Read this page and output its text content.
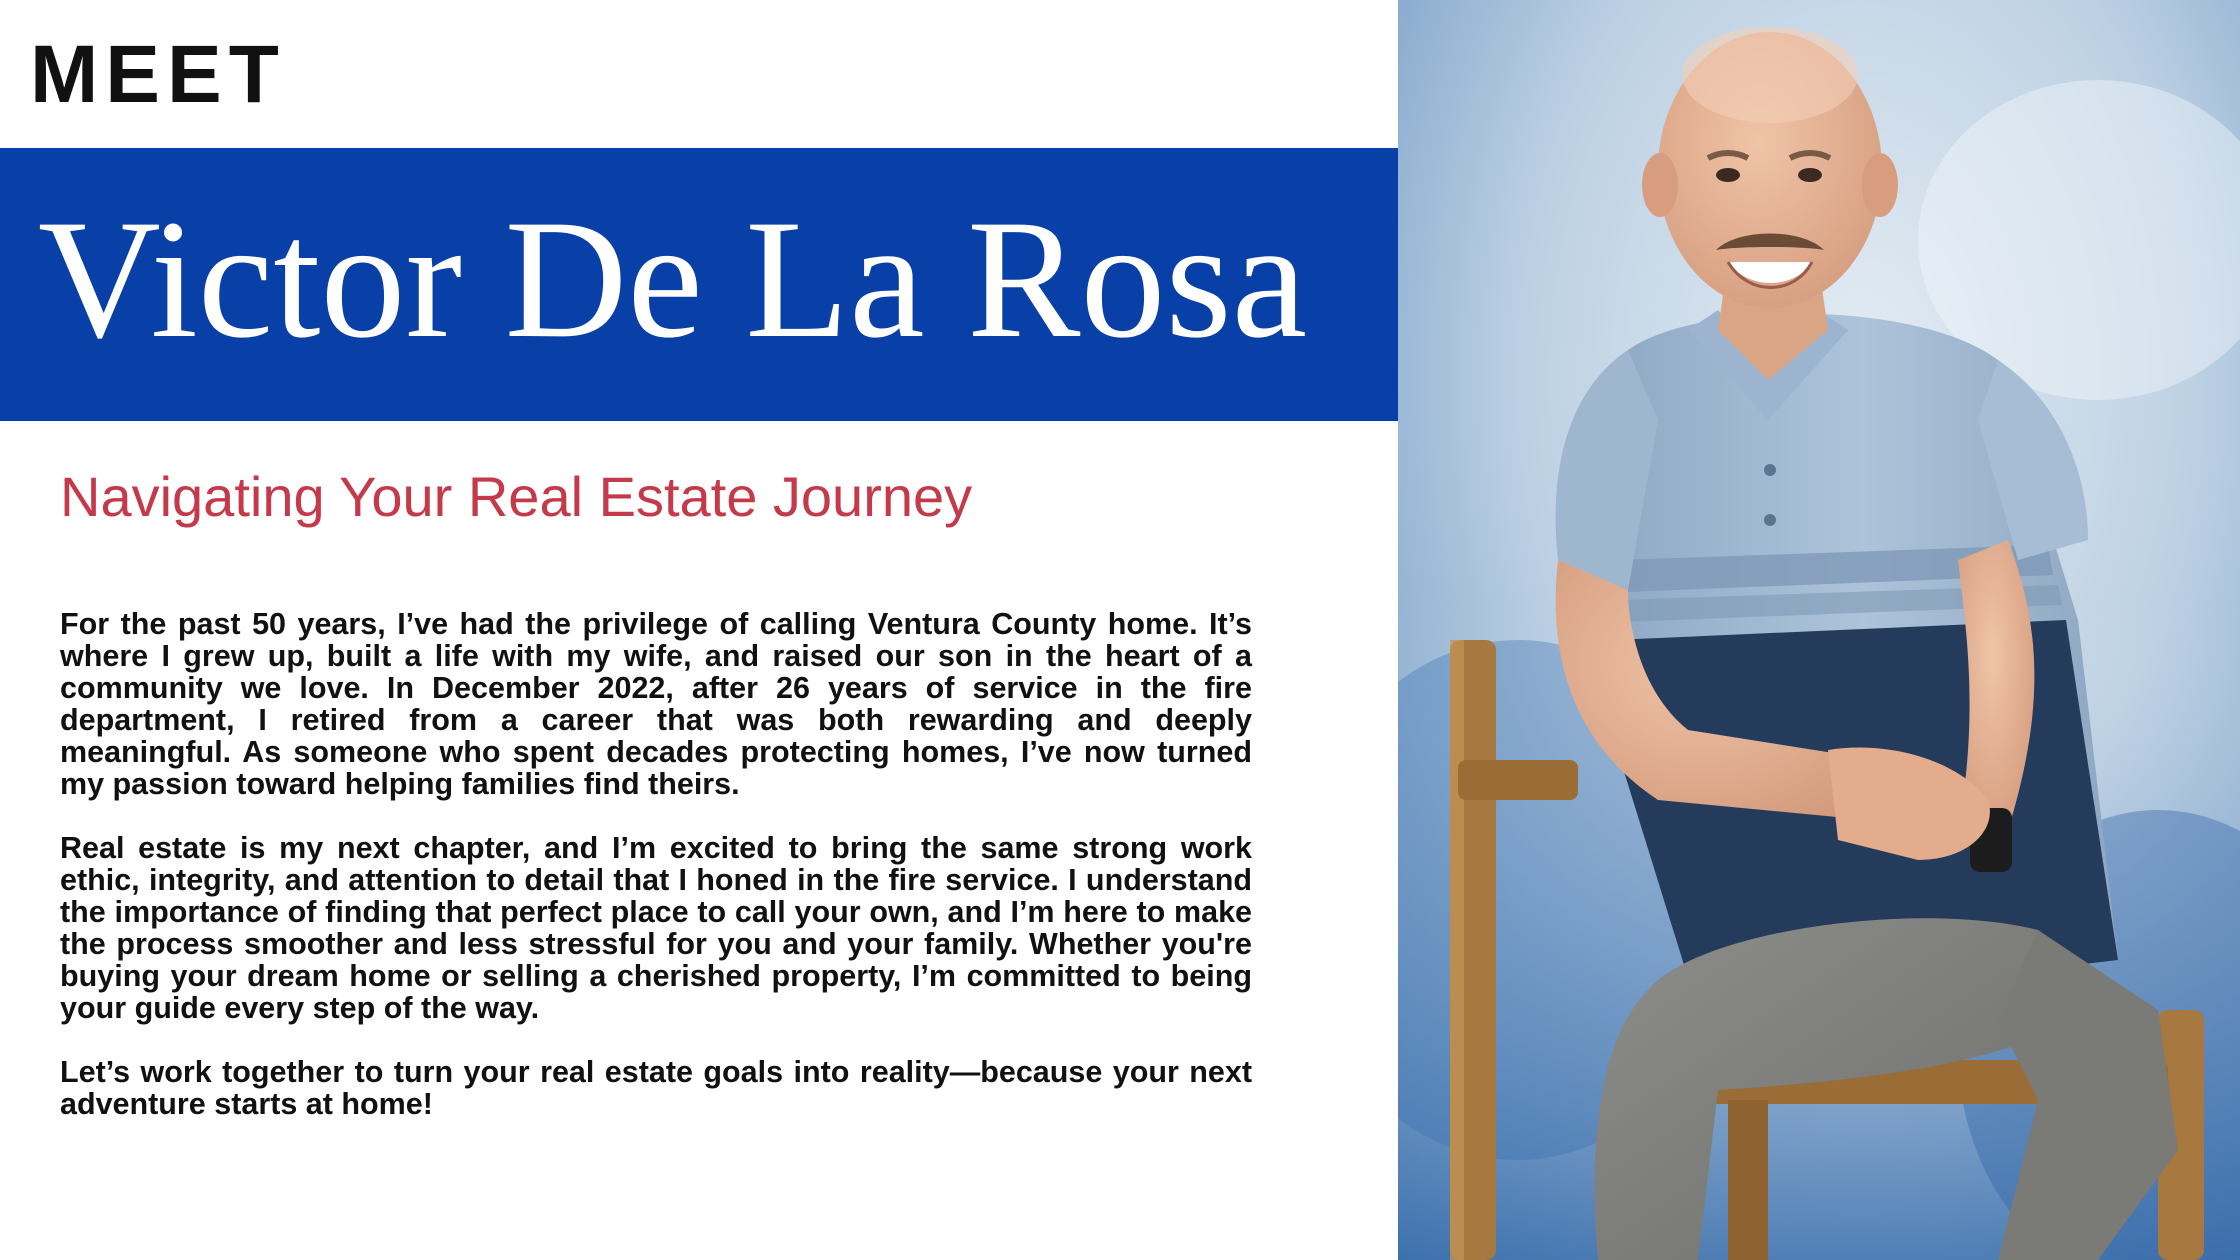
MEET
Victor De La Rosa
Navigating Your Real Estate Journey

For the past 50 years, I’ve had the privilege of calling Ventura County home. It’s where I grew up, built a life with my wife, and raised our son in the heart of a community we love. In December 2022, after 26 years of service in the fire department, I retired from a career that was both rewarding and deeply meaningful. As someone who spent decades protecting homes, I’ve now turned my passion toward helping families find theirs.

Real estate is my next chapter, and I’m excited to bring the same strong work ethic, integrity, and attention to detail that I honed in the fire service. I understand the importance of finding that perfect place to call your own, and I’m here to make the process smoother and less stressful for you and your family. Whether you're buying your dream home or selling a cherished property, I’m committed to being your guide every step of the way.

Let’s work together to turn your real estate goals into reality—because your next adventure starts at home!
